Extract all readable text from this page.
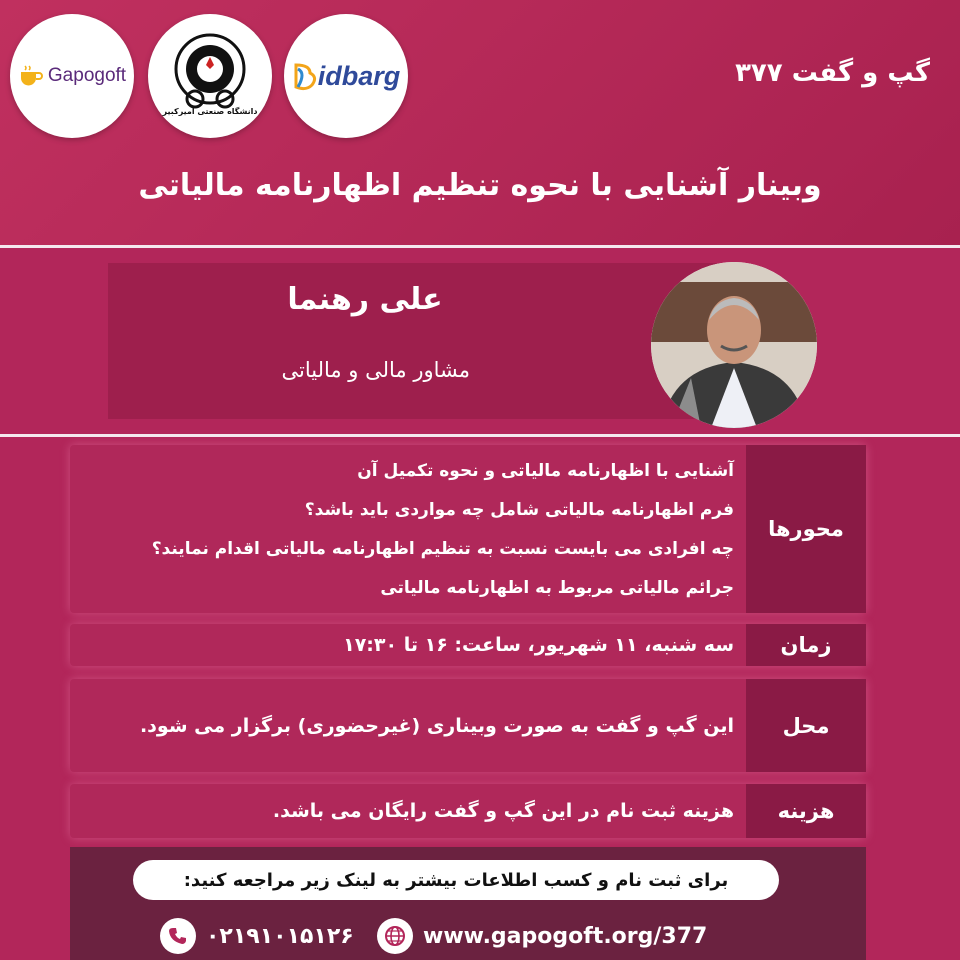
Gapogoft
دانشگاه صنعتی امیرکبیر
idbarg	گپ و گفت ۳۷۷
وبینار آشنایی با نحوه تنظیم اظهارنامه مالیاتی
علی رهنما
مشاور مالی و مالیاتی
محورها
آشنایی با اظهارنامه مالیاتی و نحوه تکمیل آن
فرم اظهارنامه مالیاتی شامل چه مواردی باید باشد؟
چه افرادی می بایست نسبت به تنظیم اظهارنامه مالیاتی اقدام نمایند؟
جرائم مالیاتی مربوط به اظهارنامه مالیاتی
زمان
سه شنبه، ۱۱ شهریور، ساعت: ۱۶ تا ۱۷:۳۰
محل
این گپ و گفت به صورت وبیناری (غیرحضوری) برگزار می شود.
هزینه
هزینه ثبت نام در این گپ و گفت رایگان می باشد.
برای ثبت نام و کسب اطلاعات بیشتر به لینک زیر مراجعه کنید:
۰۲۱۹۱۰۱۵۱۲۶	www.gapogoft.org/377
